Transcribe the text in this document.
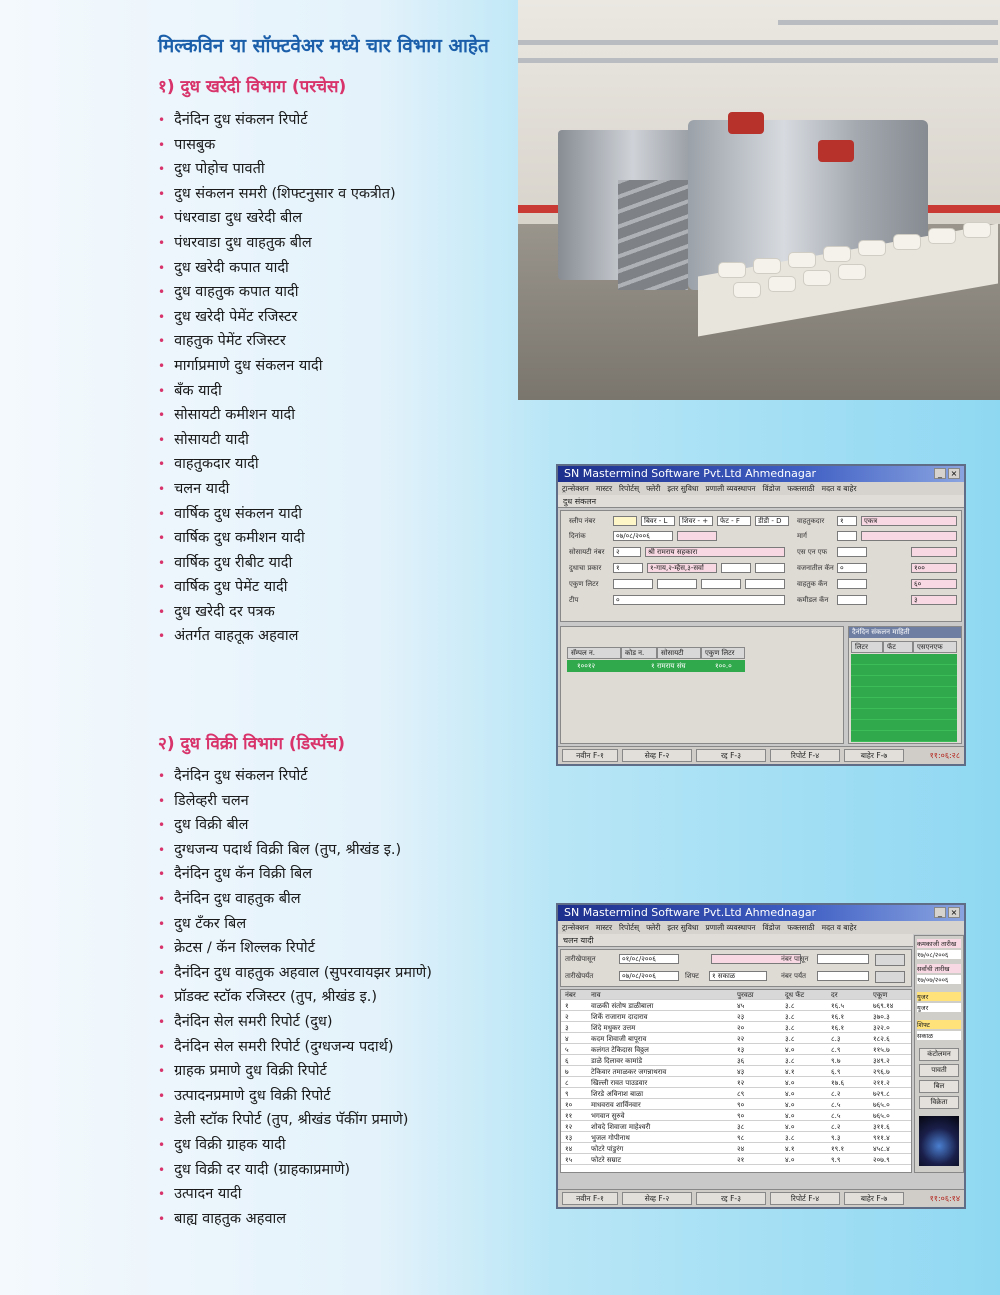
मिल्कविन या सॉफ्टवेअर मध्ये चार विभाग आहेत
१) दुध खरेदी विभाग (परचेस)
• दैनंदिन दुध संकलन रिपोर्ट
• पासबुक
• दुध पोहोच पावती
• दुध संकलन समरी (शिफ्टनुसार व एकत्रीत)
• पंधरवाडा दुध खरेदी बील
• पंधरवाडा दुध वाहतुक बील
• दुध खरेदी कपात यादी
• दुध वाहतुक कपात यादी
• दुध खरेदी पेमेंट रजिस्टर
• वाहतुक पेमेंट रजिस्टर
• मार्गाप्रमाणे दुध संकलन यादी
• बँक यादी
• सोसायटी कमीशन यादी
• सोसायटी यादी
• वाहतुकदार यादी
• चलन यादी
• वार्षिक दुध संकलन यादी
• वार्षिक दुध कमीशन यादी
• वार्षिक दुध रीबीट यादी
• वार्षिक दुध पेमेंट यादी
• दुध खरेदी दर पत्रक
• अंतर्गत वाहतूक अहवाल
२) दुध विक्री विभाग (डिस्पॅच)
• दैनंदिन दुध संकलन रिपोर्ट
• डिलेव्हरी चलन
• दुध विक्री बील
• दुग्धजन्य पदार्थ विक्री बिल (तुप, श्रीखंड इ.)
• दैनंदिन दुध कॅन विक्री बिल
• दैनंदिन दुध वाहतुक बील
• दुध टँकर बिल
• क्रेटस / कॅन शिल्लक रिपोर्ट
• दैनंदिन दुध वाहतुक अहवाल (सुपरवायझर प्रमाणे)
• प्रॉडक्ट स्टॉक रजिस्टर (तुप, श्रीखंड इ.)
• दैनंदिन सेल समरी रिपोर्ट (दुध)
• दैनंदिन सेल समरी रिपोर्ट (दुग्धजन्य पदार्थ)
• ग्राहक प्रमाणे दुध विक्री रिपोर्ट
• उत्पादनप्रमाणे दुध विक्री रिपोर्ट
• डेली स्टॉक रिपोर्ट (तुप, श्रीखंड पॅकींग प्रमाणे)
• दुध विक्री ग्राहक यादी
• दुध विक्री दर यादी (ग्राहकाप्रमाणे)
• उत्पादन यादी
• बाह्य वाहतुक अहवाल
SN Mastermind Software Pvt.Ltd Ahmednagar	_	×
ट्रान्सेक्शन मास्टर रिपोर्टस् फ्लेरी इतर सुविधा प्रणाली व्यवस्थापन विंडोज फक्तसाठी मदत व बाहेर
दुध संकलन
स्लीप नंबर	बिवर - L	शिवर - +	फेट - F	डीडी - D
दिनांक	०७/०८/२००६
सोसायटी नंबर	२	श्री रामराय सहकारा
दुधाचा प्रकार	१	१-गाय,२-म्हैस,३-सर्वा
एकुण लिटर
टीप	०
वाहतुकदार	१	एकत्र
मार्ग
एस एन एफ
वजनातील कॅन ०	१००
वाहतुक कॅन	६०
कमीडल कॅन	३
सॅम्पल न.	कोड न.	सोसायटी	एकुण लिटर
१००१२	१ रामराय संघ	१००.०
दैनंदिन संकलन माहिती
लिटर	फॅट	एसएनएफ
नवीन F-१	सेव्ह F-२	रद्द F-३	रिपोर्ट F-४	बाहेर F-७	११:०६:२८
SN Mastermind Software Pvt.Ltd Ahmednagar	_	×
ट्रान्सेक्शन मास्टर रिपोर्टस् फ्लेरी इतर सुविधा प्रणाली व्यवस्थापन विंडोज फक्तसाठी मदत व बाहेर
चलन यादी
तारीखेपासून	०१/०८/२००६
तारीखेपर्यंत	०७/०८/२००६	शिफ्ट	१ सकाळ
नंबर पासून
नंबर पर्यंत
नंबर नाव	पुरवठा	दूध फॅट	दर	एकूण
१	वाळकी संतोष डाळीबाला	४५	३.८	१६.५	७६९.१४
२	शिर्के राजाराम दादाराव	२३	३.८	१६.१	३७०.३
३	शिंदे मधुकर उत्तम	२०	३.८	१६.१	३२२.०
४	कदम शिवाजी बापूराव	२२	३.८	८.३	१८२.६
५	कलंगत टेकिदास विठ्ठल	१३	४.०	८.९	११५.७
६	डाळे दिलावर कामांडे	३६	३.८	९.७	३४९.२
७	टेकिवार तमाळकर जगन्नाथराव	४३	४.१	६.९	२९६.७
८	खिल्ली रावत पाउडवार	१२	४.०	१७.६	२११.२
९	शिरडे अविनाश बाळा	८९	४.०	८.२	७२९.८
१०	माधवराव शार्विनवार	९०	४.०	८.५	७६५.०
११	भगवान सुरुवे	९०	४.०	८.५	७६५.०
१२	शोवदे शिवाजा माहेश्वरी	३८	४.०	८.२	३११.६
१३	भुजल गोपीनाथ	९८	३.८	९.३	९११.४
१४	फोटरे पांडुरंग	२४	४.१	१९.१	४५८.४
१५	फोटरे सम्राट	२१	४.०	९.९	२०७.९
कमकाजी तारीख
१७/०८/२००६
सर्वांची तारीख
१७/०७/२००६
युजर
युजर
शिफ्ट
सकाळ
कंटोलमन
पावती
बिल
विक्रेता
नवीन F-१	सेव्ह F-२	रद्द F-३	रिपोर्ट F-४	बाहेर F-७	११:०६:१४
